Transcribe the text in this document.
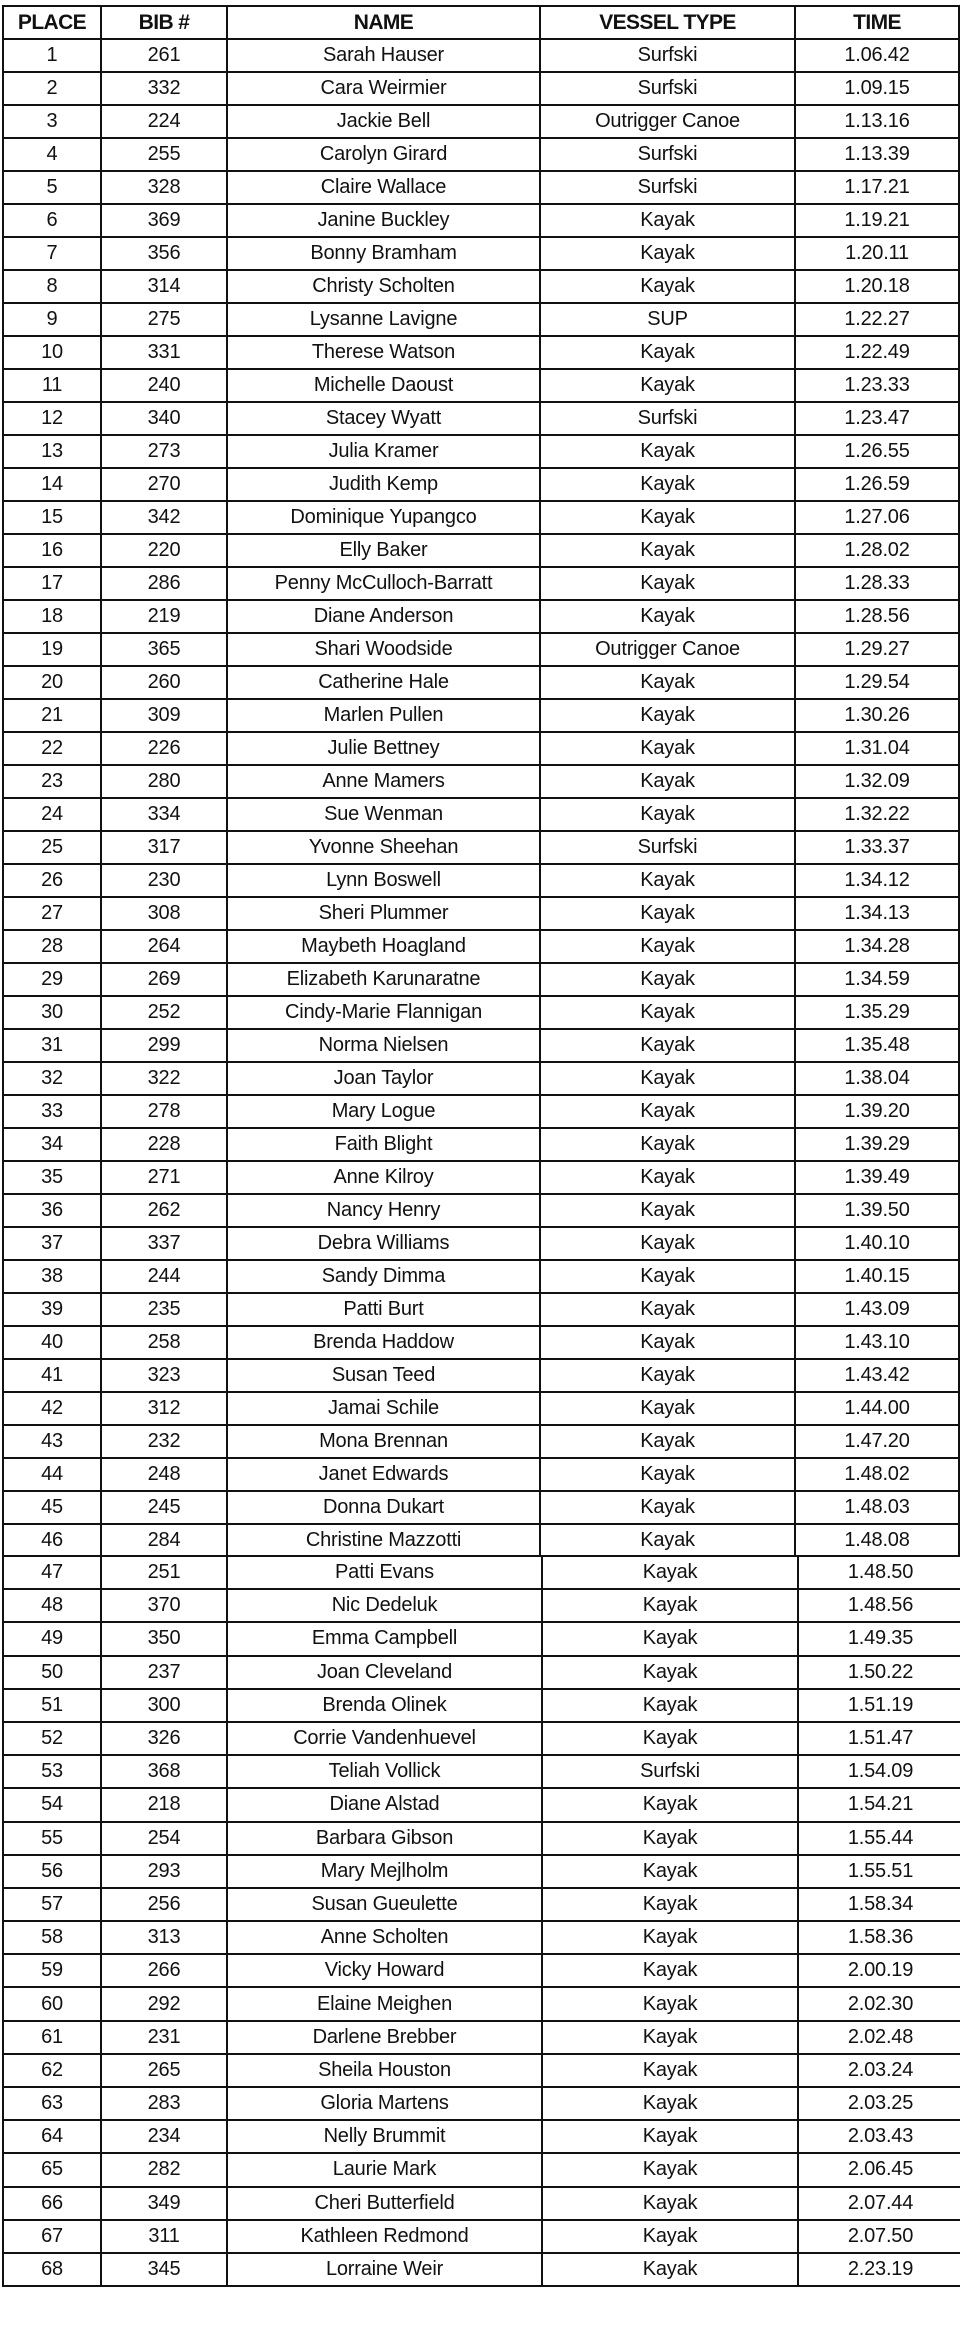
PLACE	BIB #	NAME	VESSEL TYPE	TIME
1	261	Sarah Hauser	Surfski	1.06.42
2	332	Cara Weirmier	Surfski	1.09.15
3	224	Jackie Bell	Outrigger Canoe	1.13.16
4	255	Carolyn Girard	Surfski	1.13.39
5	328	Claire Wallace	Surfski	1.17.21
6	369	Janine Buckley	Kayak	1.19.21
7	356	Bonny Bramham	Kayak	1.20.11
8	314	Christy Scholten	Kayak	1.20.18
9	275	Lysanne Lavigne	SUP	1.22.27
10	331	Therese Watson	Kayak	1.22.49
11	240	Michelle Daoust	Kayak	1.23.33
12	340	Stacey Wyatt	Surfski	1.23.47
13	273	Julia Kramer	Kayak	1.26.55
14	270	Judith Kemp	Kayak	1.26.59
15	342	Dominique Yupangco	Kayak	1.27.06
16	220	Elly Baker	Kayak	1.28.02
17	286	Penny McCulloch-Barratt	Kayak	1.28.33
18	219	Diane Anderson	Kayak	1.28.56
19	365	Shari Woodside	Outrigger Canoe	1.29.27
20	260	Catherine Hale	Kayak	1.29.54
21	309	Marlen Pullen	Kayak	1.30.26
22	226	Julie Bettney	Kayak	1.31.04
23	280	Anne Mamers	Kayak	1.32.09
24	334	Sue Wenman	Kayak	1.32.22
25	317	Yvonne Sheehan	Surfski	1.33.37
26	230	Lynn Boswell	Kayak	1.34.12
27	308	Sheri Plummer	Kayak	1.34.13
28	264	Maybeth Hoagland	Kayak	1.34.28
29	269	Elizabeth Karunaratne	Kayak	1.34.59
30	252	Cindy-Marie Flannigan	Kayak	1.35.29
31	299	Norma Nielsen	Kayak	1.35.48
32	322	Joan Taylor	Kayak	1.38.04
33	278	Mary Logue	Kayak	1.39.20
34	228	Faith Blight	Kayak	1.39.29
35	271	Anne Kilroy	Kayak	1.39.49
36	262	Nancy Henry	Kayak	1.39.50
37	337	Debra Williams	Kayak	1.40.10
38	244	Sandy Dimma	Kayak	1.40.15
39	235	Patti Burt	Kayak	1.43.09
40	258	Brenda Haddow	Kayak	1.43.10
41	323	Susan Teed	Kayak	1.43.42
42	312	Jamai Schile	Kayak	1.44.00
43	232	Mona Brennan	Kayak	1.47.20
44	248	Janet Edwards	Kayak	1.48.02
45	245	Donna Dukart	Kayak	1.48.03
46	284	Christine Mazzotti	Kayak	1.48.08
47	251	Patti Evans	Kayak	1.48.50
48	370	Nic Dedeluk	Kayak	1.48.56
49	350	Emma Campbell	Kayak	1.49.35
50	237	Joan Cleveland	Kayak	1.50.22
51	300	Brenda Olinek	Kayak	1.51.19
52	326	Corrie Vandenhuevel	Kayak	1.51.47
53	368	Teliah Vollick	Surfski	1.54.09
54	218	Diane Alstad	Kayak	1.54.21
55	254	Barbara Gibson	Kayak	1.55.44
56	293	Mary Mejlholm	Kayak	1.55.51
57	256	Susan Gueulette	Kayak	1.58.34
58	313	Anne Scholten	Kayak	1.58.36
59	266	Vicky Howard	Kayak	2.00.19
60	292	Elaine Meighen	Kayak	2.02.30
61	231	Darlene Brebber	Kayak	2.02.48
62	265	Sheila Houston	Kayak	2.03.24
63	283	Gloria Martens	Kayak	2.03.25
64	234	Nelly Brummit	Kayak	2.03.43
65	282	Laurie Mark	Kayak	2.06.45
66	349	Cheri Butterfield	Kayak	2.07.44
67	311	Kathleen Redmond	Kayak	2.07.50
68	345	Lorraine Weir	Kayak	2.23.19
